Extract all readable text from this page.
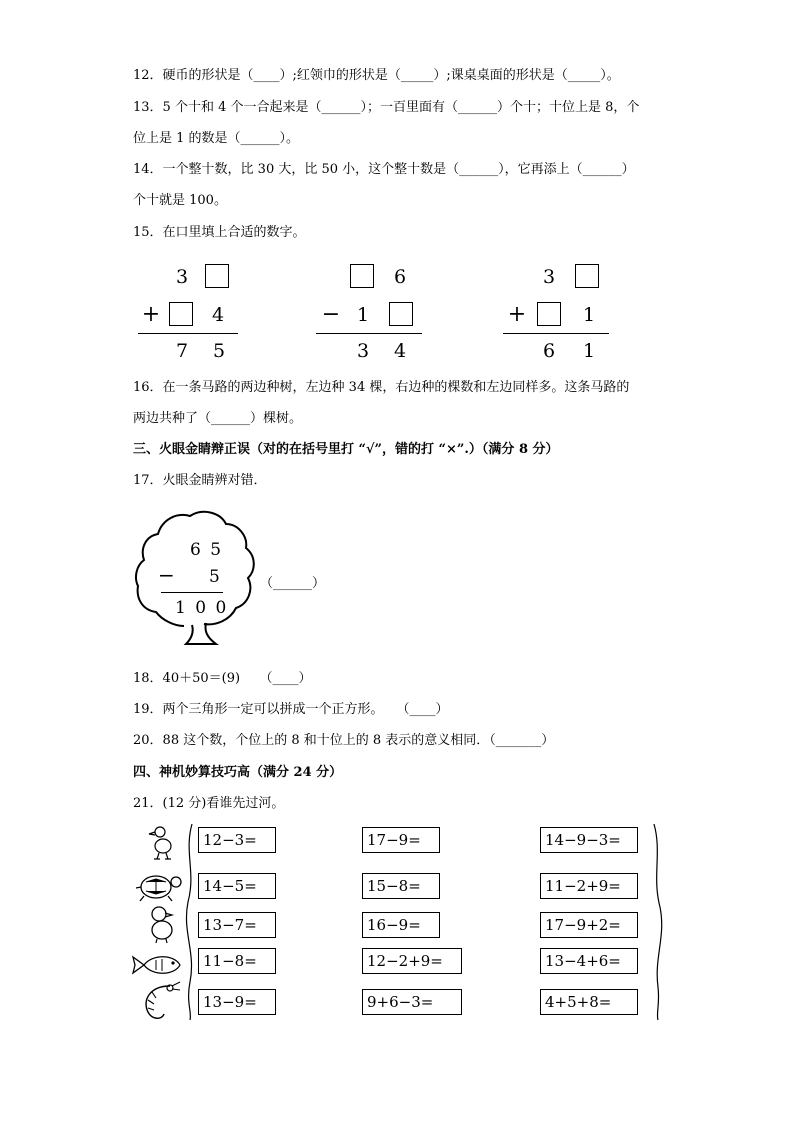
12．硬币的形状是（____）;红领巾的形状是（_____）;课桌桌面的形状是（_____）。
13．5 个十和 4 个一合起来是（______）；一百里面有（______）个十；十位上是 8，个
位上是 1 的数是（______）。
14．一个整十数，比 30 大，比 50 小，这个整十数是（______），它再添上（______）
个十就是 100。
15．在口里填上合适的数字。
3
+	4
7 5
6
− 1
3 4
3
+	1
6 1
16．在一条马路的两边种树，左边种 34 棵，右边种的棵数和左边同样多。这条马路的
两边共种了（______）棵树。
三、火眼金睛辩正误（对的在括号里打 “√”，错的打 “×”.）（满分 8 分）
17．火眼金睛辨对错．
6 5
− 5
1 0 0
（______）
18．40＋50＝(9)　　（____）
19．两个三角形一定可以拼成一个正方形。　　（____）
20．88 这个数，个位上的 8 和十位上的 8 表示的意义相同．（_______）
四、神机妙算技巧高（满分 24 分）
21．(12 分)看谁先过河。
12−3=	17−9=	14−9−3=
14−5=	15−8=	11−2+9=
13−7=	16−9=	17−9+2=
11−8=	12−2+9=	13−4+6=
13−9=	9+6−3=	4+5+8=
